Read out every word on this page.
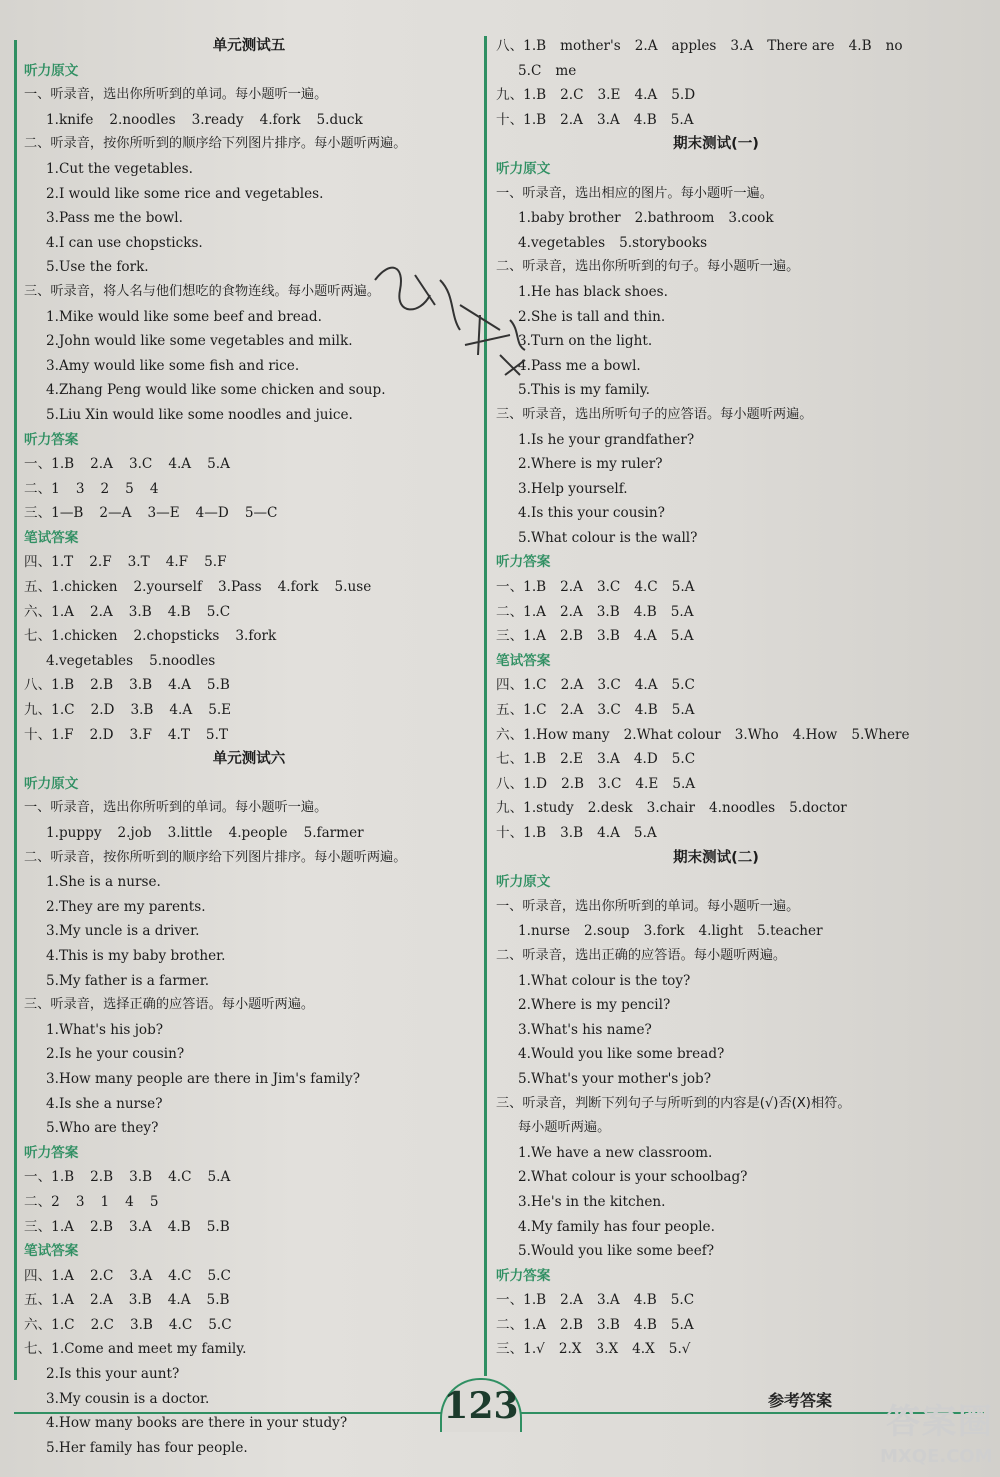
单元测试五
听力原文
一、听录音，选出你所听到的单词。每小题听一遍。
1.knife 2.noodles 3.ready 4.fork 5.duck
二、听录音，按你所听到的顺序给下列图片排序。每小题听两遍。
1.Cut the vegetables.
2.I would like some rice and vegetables.
3.Pass me the bowl.
4.I can use chopsticks.
5.Use the fork.
三、听录音，将人名与他们想吃的食物连线。每小题听两遍。
1.Mike would like some beef and bread.
2.John would like some vegetables and milk.
3.Amy would like some fish and rice.
4.Zhang Peng would like some chicken and soup.
5.Liu Xin would like some noodles and juice.
听力答案
一、1.B 2.A 3.C 4.A 5.A
二、1 3 2 5 4
三、1—B 2—A 3—E 4—D 5—C
笔试答案
四、1.T 2.F 3.T 4.F 5.F
五、1.chicken 2.yourself 3.Pass 4.fork 5.use
六、1.A 2.A 3.B 4.B 5.C
七、1.chicken 2.chopsticks 3.fork
4.vegetables 5.noodles
八、1.B 2.B 3.B 4.A 5.B
九、1.C 2.D 3.B 4.A 5.E
十、1.F 2.D 3.F 4.T 5.T
单元测试六
听力原文
一、听录音，选出你所听到的单词。每小题听一遍。
1.puppy 2.job 3.little 4.people 5.farmer
二、听录音，按你所听到的顺序给下列图片排序。每小题听两遍。
1.She is a nurse.
2.They are my parents.
3.My uncle is a driver.
4.This is my baby brother.
5.My father is a farmer.
三、听录音，选择正确的应答语。每小题听两遍。
1.What's his job?
2.Is he your cousin?
3.How many people are there in Jim's family?
4.Is she a nurse?
5.Who are they?
听力答案
一、1.B 2.B 3.B 4.C 5.A
二、2 3 1 4 5
三、1.A 2.B 3.A 4.B 5.B
笔试答案
四、1.A 2.C 3.A 4.C 5.C
五、1.A 2.A 3.B 4.A 5.B
六、1.C 2.C 3.B 4.C 5.C
七、1.Come and meet my family.
2.Is this your aunt?
3.My cousin is a doctor.
4.How many books are there in your study?
5.Her family has four people.
八、1.B mother's 2.A apples 3.A There are 4.B no
5.C me
九、1.B 2.C 3.E 4.A 5.D
十、1.B 2.A 3.A 4.B 5.A
期末测试(一)
听力原文
一、听录音，选出相应的图片。每小题听一遍。
1.baby brother 2.bathroom 3.cook
4.vegetables 5.storybooks
二、听录音，选出你所听到的句子。每小题听一遍。
1.He has black shoes.
2.She is tall and thin.
3.Turn on the light.
4.Pass me a bowl.
5.This is my family.
三、听录音，选出所听句子的应答语。每小题听两遍。
1.Is he your grandfather?
2.Where is my ruler?
3.Help yourself.
4.Is this your cousin?
5.What colour is the wall?
听力答案
一、1.B 2.A 3.C 4.C 5.A
二、1.A 2.A 3.B 4.B 5.A
三、1.A 2.B 3.B 4.A 5.A
笔试答案
四、1.C 2.A 3.C 4.A 5.C
五、1.C 2.A 3.C 4.B 5.A
六、1.How many 2.What colour 3.Who 4.How 5.Where
七、1.B 2.E 3.A 4.D 5.C
八、1.D 2.B 3.C 4.E 5.A
九、1.study 2.desk 3.chair 4.noodles 5.doctor
十、1.B 3.B 4.A 5.A
期末测试(二)
听力原文
一、听录音，选出你所听到的单词。每小题听一遍。
1.nurse 2.soup 3.fork 4.light 5.teacher
二、听录音，选出正确的应答语。每小题听两遍。
1.What colour is the toy?
2.Where is my pencil?
3.What's his name?
4.Would you like some bread?
5.What's your mother's job?
三、听录音，判断下列句子与所听到的内容是(√)否(X)相符。
每小题听两遍。
1.We have a new classroom.
2.What colour is your schoolbag?
3.He's in the kitchen.
4.My family has four people.
5.Would you like some beef?
听力答案
一、1.B 2.A 3.A 4.B 5.C
二、1.A 2.B 3.B 4.B 5.A
三、1.√ 2.X 3.X 4.X 5.√
123	参考答案
答案圈
MXQE.COM
